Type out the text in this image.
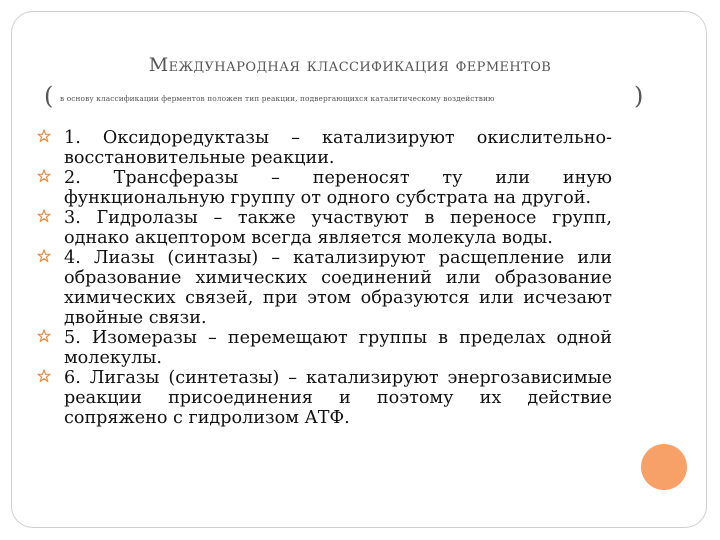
Международная классификация ферментов
( в основу классификации ферментов положен тип реакции, подвергающихся каталитическому воздействию	)
1. Оксидоредуктазы – катализируют окислительно-восстановительные реакции.
2. Трансферазы – переносят ту или иную функциональную группу от одного субстрата на другой.
3. Гидролазы – также участвуют в переносе групп, однако акцептором всегда является молекула воды.
4. Лиазы (синтазы) – катализируют расщепление или образование химических соединений или образование химических связей, при этом образуются или исчезают двойные связи.
5. Изомеразы – перемещают группы в пределах одной молекулы.
6. Лигазы (синтетазы) – катализируют энергозависимые реакции присоединения и поэтому их действие сопряжено с гидролизом АТФ.
